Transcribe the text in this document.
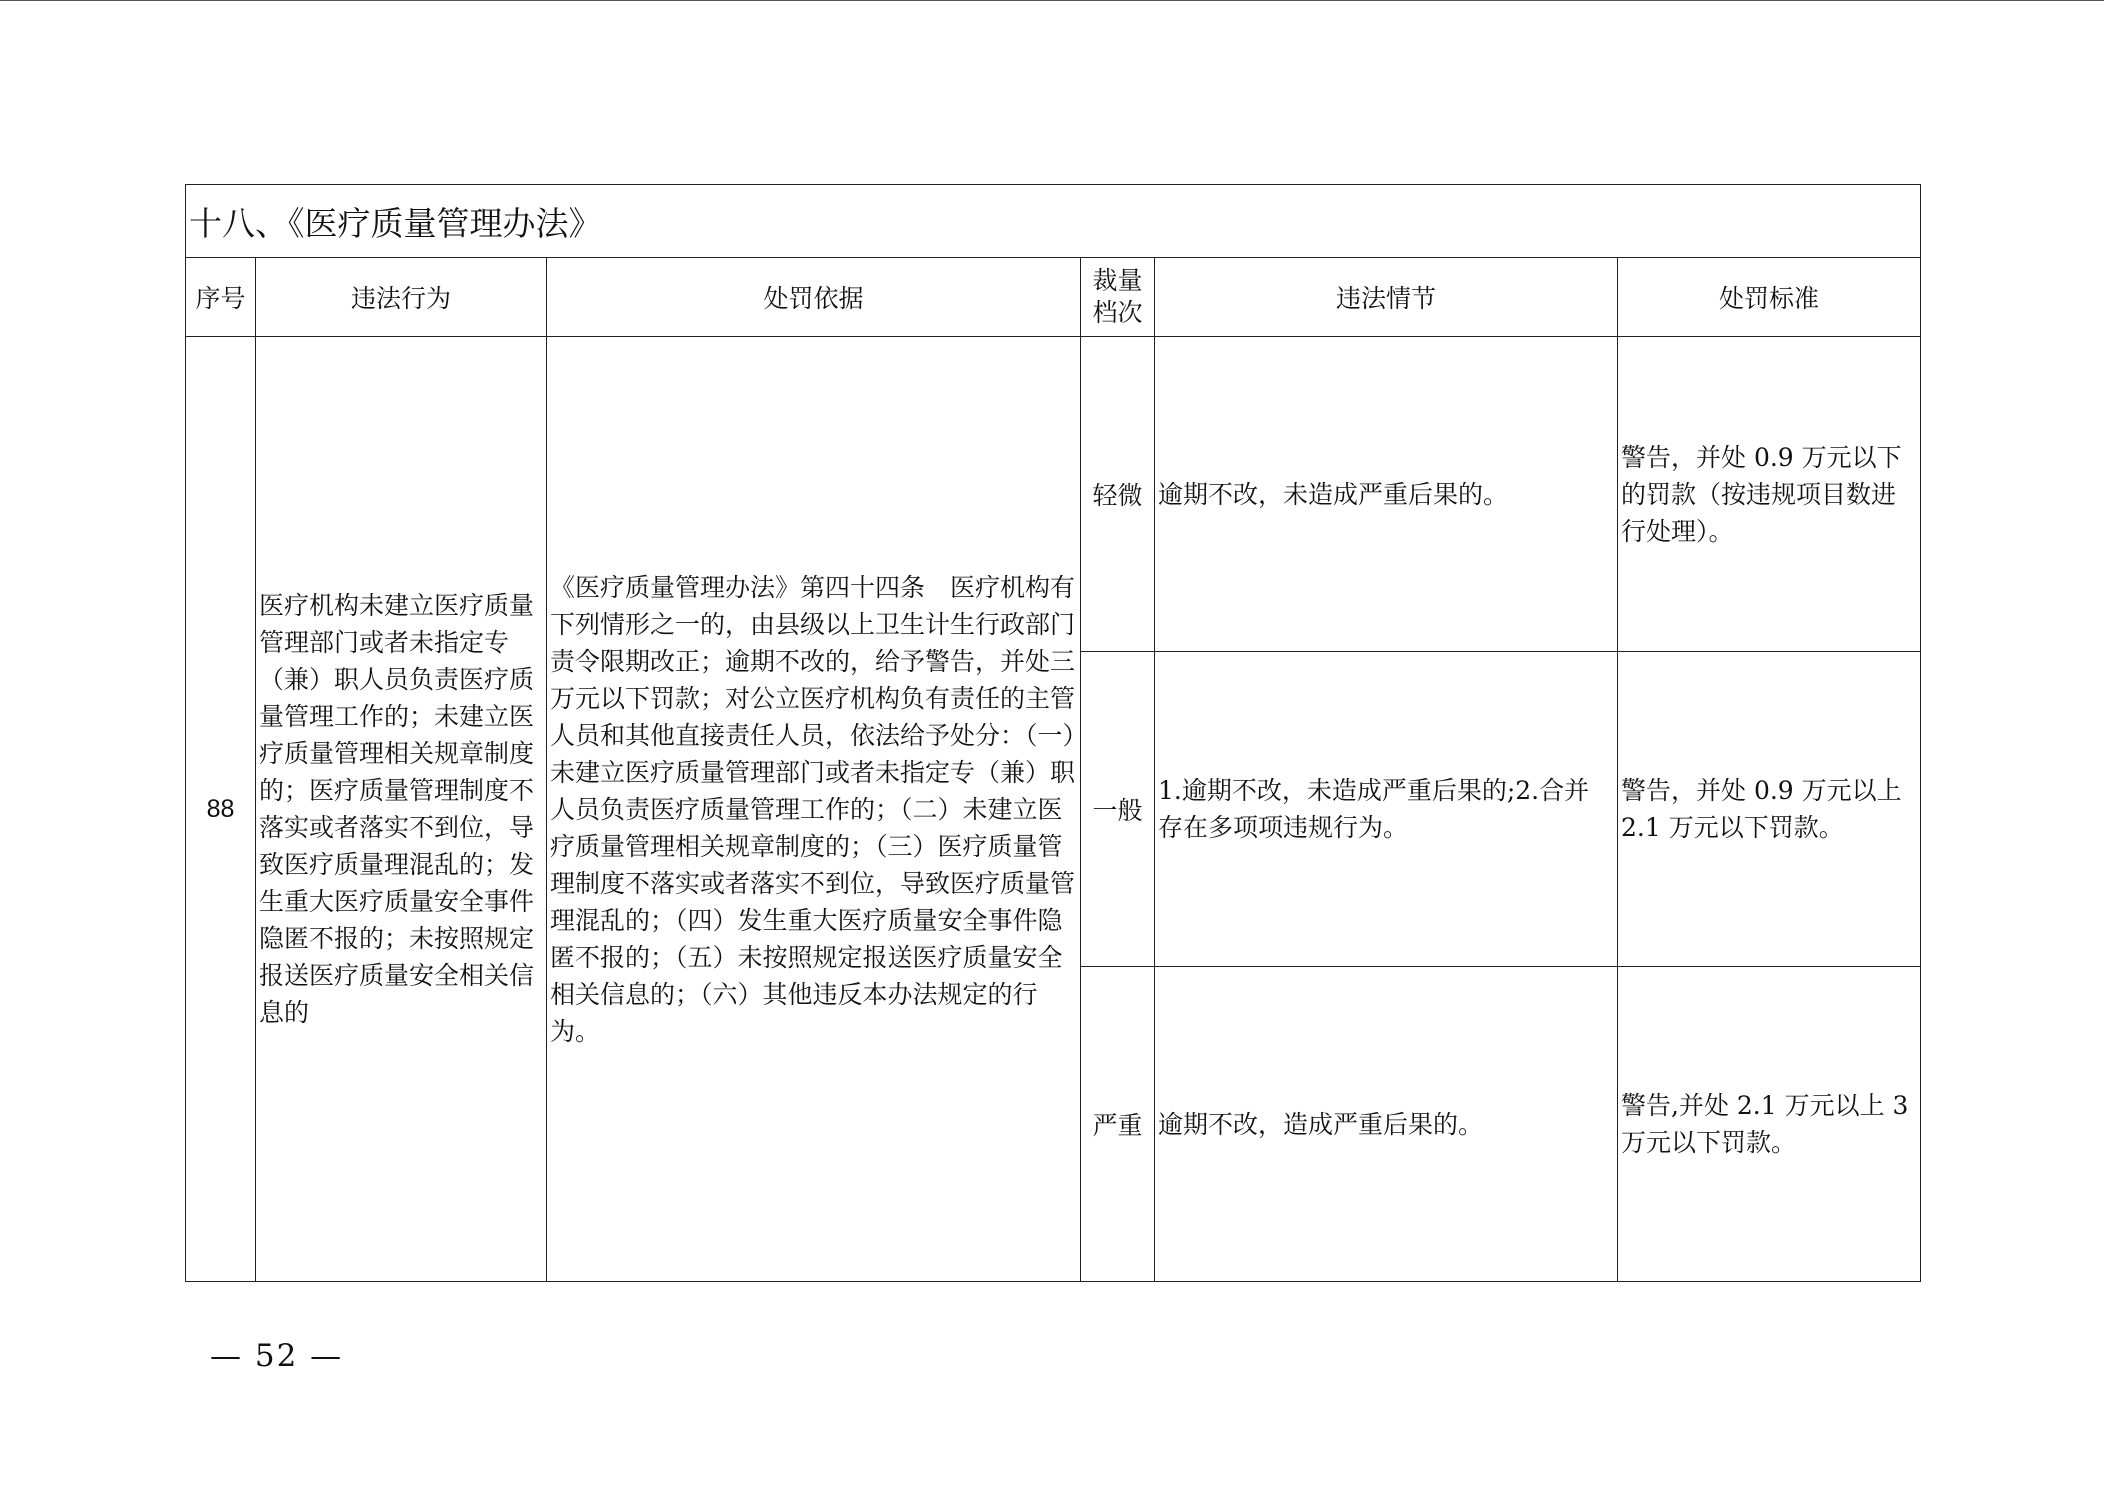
十八、《医疗质量管理办法》					
序号	违法行为	处罚依据	裁量档次	违法情节	处罚标准
88	医疗机构未建立医疗质量管理部门或者未指定专（兼）职人员负责医疗质量管理工作的；未建立医疗质量管理相关规章制度的；医疗质量管理制度不落实或者落实不到位，导致医疗质量理混乱的；发生重大医疗质量安全事件隐匿不报的；未按照规定报送医疗质量安全相关信息的	《医疗质量管理办法》第四十四条　医疗机构有下列情形之一的，由县级以上卫生计生行政部门责令限期改正；逾期不改的，给予警告，并处三万元以下罚款；对公立医疗机构负有责任的主管人员和其他直接责任人员，依法给予处分：（一）未建立医疗质量管理部门或者未指定专（兼）职人员负责医疗质量管理工作的；（二）未建立医疗质量管理相关规章制度的；（三）医疗质量管理制度不落实或者落实不到位，导致医疗质量管理混乱的；（四）发生重大医疗质量安全事件隐匿不报的；（五）未按照规定报送医疗质量安全相关信息的；（六）其他违反本办法规定的行为。	轻微	逾期不改，未造成严重后果的。	警告，并处 0.9 万元以下的罚款（按违规项目数进行处理）。
			一般	1.逾期不改，未造成严重后果的;2.合并存在多项项违规行为。	警告，并处 0.9 万元以上 2.1 万元以下罚款。
			严重	逾期不改，造成严重后果的。	警告,并处 2.1 万元以上 3 万元以下罚款。
— 52 —
